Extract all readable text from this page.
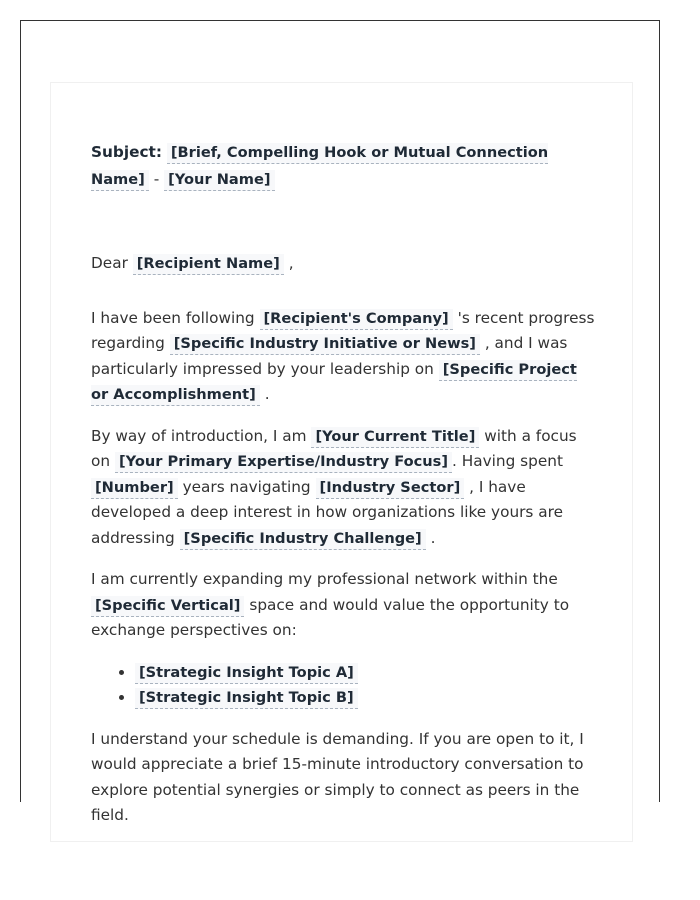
Subject: [Brief, Compelling Hook or Mutual Connection Name] - [Your Name]

Dear [Recipient Name] ,

I have been following [Recipient's Company] 's recent progress regarding [Specific Industry Initiative or News] , and I was particularly impressed by your leadership on [Specific Project or Accomplishment] .

By way of introduction, I am [Your Current Title] with a focus on [Your Primary Expertise/Industry Focus] . Having spent [Number] years navigating [Industry Sector] , I have developed a deep interest in how organizations like yours are addressing [Specific Industry Challenge] .

I am currently expanding my professional network within the [Specific Vertical] space and would value the opportunity to exchange perspectives on:

• [Strategic Insight Topic A]
• [Strategic Insight Topic B]

I understand your schedule is demanding. If you are open to it, I would appreciate a brief 15-minute introductory conversation to explore potential synergies or simply to connect as peers in the field.
